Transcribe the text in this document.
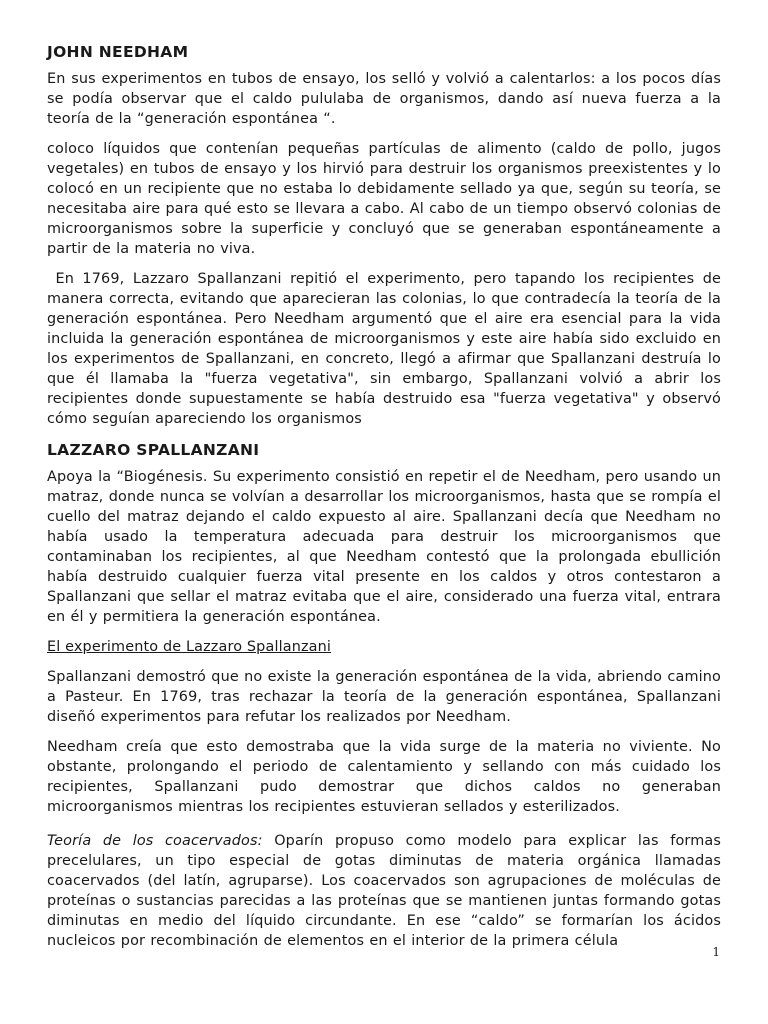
JOHN NEEDHAM

En sus experimentos en tubos de ensayo, los selló y volvió a calentarlos: a los pocos días se podía observar que el caldo pululaba de organismos, dando así nueva fuerza a la teoría de la “generación espontánea “.

coloco líquidos que contenían pequeñas partículas de alimento (caldo de pollo, jugos vegetales) en tubos de ensayo y los hirvió para destruir los organismos preexistentes y lo colocó en un recipiente que no estaba lo debidamente sellado ya que, según su teoría, se necesitaba aire para qué esto se llevara a cabo. Al cabo de un tiempo observó colonias de microorganismos sobre la superficie y concluyó que se generaban espontáneamente a partir de la materia no viva.

En 1769, Lazzaro Spallanzani repitió el experimento, pero tapando los recipientes de manera correcta, evitando que aparecieran las colonias, lo que contradecía la teoría de la generación espontánea. Pero Needham argumentó que el aire era esencial para la vida incluida la generación espontánea de microorganismos y este aire había sido excluido en los experimentos de Spallanzani, en concreto, llegó a afirmar que Spallanzani destruía lo que él llamaba la "fuerza vegetativa", sin embargo, Spallanzani volvió a abrir los recipientes donde supuestamente se había destruido esa "fuerza vegetativa" y observó cómo seguían apareciendo los organismos

LAZZARO SPALLANZANI

Apoya la “Biogénesis. Su experimento consistió en repetir el de Needham, pero usando un matraz, donde nunca se volvían a desarrollar los microorganismos, hasta que se rompía el cuello del matraz dejando el caldo expuesto al aire. Spallanzani decía que Needham no había usado la temperatura adecuada para destruir los microorganismos que contaminaban los recipientes, al que Needham contestó que la prolongada ebullición había destruido cualquier fuerza vital presente en los caldos y otros contestaron a Spallanzani que sellar el matraz evitaba que el aire, considerado una fuerza vital, entrara en él y permitiera la generación espontánea.

El experimento de Lazzaro Spallanzani

Spallanzani demostró que no existe la generación espontánea de la vida, abriendo camino a Pasteur. En 1769, tras rechazar la teoría de la generación espontánea, Spallanzani diseñó experimentos para refutar los realizados por Needham.

Needham creía que esto demostraba que la vida surge de la materia no viviente. No obstante, prolongando el periodo de calentamiento y sellando con más cuidado los recipientes, Spallanzani pudo demostrar que dichos caldos no generaban microorganismos mientras los recipientes estuvieran sellados y esterilizados.

Teoría de los coacervados: Oparín propuso como modelo para explicar las formas precelulares, un tipo especial de gotas diminutas de materia orgánica llamadas coacervados (del latín, agruparse). Los coacervados son agrupaciones de moléculas de proteínas o sustancias parecidas a las proteínas que se mantienen juntas formando gotas diminutas en medio del líquido circundante. En ese “caldo” se formarían los ácidos nucleicos por recombinación de elementos en el interior de la primera célula

1
